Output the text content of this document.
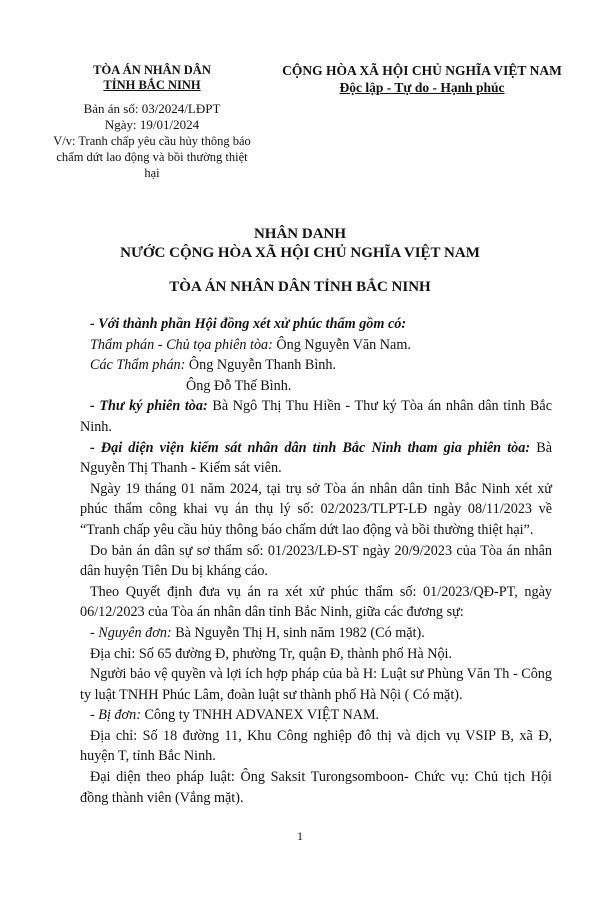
TÒA ÁN NHÂN DÂN
TỈNH BẮC NINH
Bản án số: 03/2024/LĐPT
Ngày: 19/01/2024
V/v: Tranh chấp yêu cầu hủy thông báo
chấm dứt lao động và bồi thường thiệt
hại
CỘNG HÒA XÃ HỘI CHỦ NGHĨA VIỆT NAM
Độc lập - Tự do - Hạnh phúc
NHÂN DANH
NƯỚC CỘNG HÒA XÃ HỘI CHỦ NGHĨA VIỆT NAM
TÒA ÁN NHÂN DÂN TỈNH BẮC NINH

- Với thành phần Hội đồng xét xử phúc thẩm gồm có:

Thẩm phán - Chủ tọa phiên tòa: Ông Nguyễn Văn Nam.

Các Thẩm phán: Ông Nguyễn Thanh Bình.

Ông Đỗ Thế Bình.

- Thư ký phiên tòa: Bà Ngô Thị Thu Hiền - Thư ký Tòa án nhân dân tỉnh Bắc Ninh.

- Đại diện viện kiểm sát nhân dân tỉnh Bắc Ninh tham gia phiên tòa: Bà Nguyễn Thị Thanh - Kiểm sát viên.

Ngày 19 tháng 01 năm 2024, tại trụ sở Tòa án nhân dân tỉnh Bắc Ninh xét xử phúc thẩm công khai vụ án thụ lý số: 02/2023/TLPT-LĐ ngày 08/11/2023 về “Tranh chấp yêu cầu hủy thông báo chấm dứt lao động và bồi thường thiệt hại”.

Do bản án dân sự sơ thẩm số: 01/2023/LĐ-ST ngày 20/9/2023 của Tòa án nhân dân huyện Tiên Du bị kháng cáo.

Theo Quyết định đưa vụ án ra xét xử phúc thẩm số: 01/2023/QĐ-PT, ngày 06/12/2023 của Tòa án nhân dân tỉnh Bắc Ninh, giữa các đương sự:

- Nguyên đơn: Bà Nguyễn Thị H, sinh năm 1982 (Có mặt).

Địa chỉ: Số 65 đường Đ, phường Tr, quận Đ, thành phố Hà Nội.

Người bảo vệ quyền và lợi ích hợp pháp của bà H: Luật sư Phùng Văn Th - Công ty luật TNHH Phúc Lâm, đoàn luật sư thành phố Hà Nội ( Có mặt).

- Bị đơn: Công ty TNHH ADVANEX VIỆT NAM.

Địa chỉ: Số 18 đường 11, Khu Công nghiệp đô thị và dịch vụ VSIP B, xã Đ, huyện T, tỉnh Bắc Ninh.

Đại diện theo pháp luật: Ông Saksit Turongsomboon- Chức vụ: Chủ tịch Hội đồng thành viên (Vắng mặt).

1
